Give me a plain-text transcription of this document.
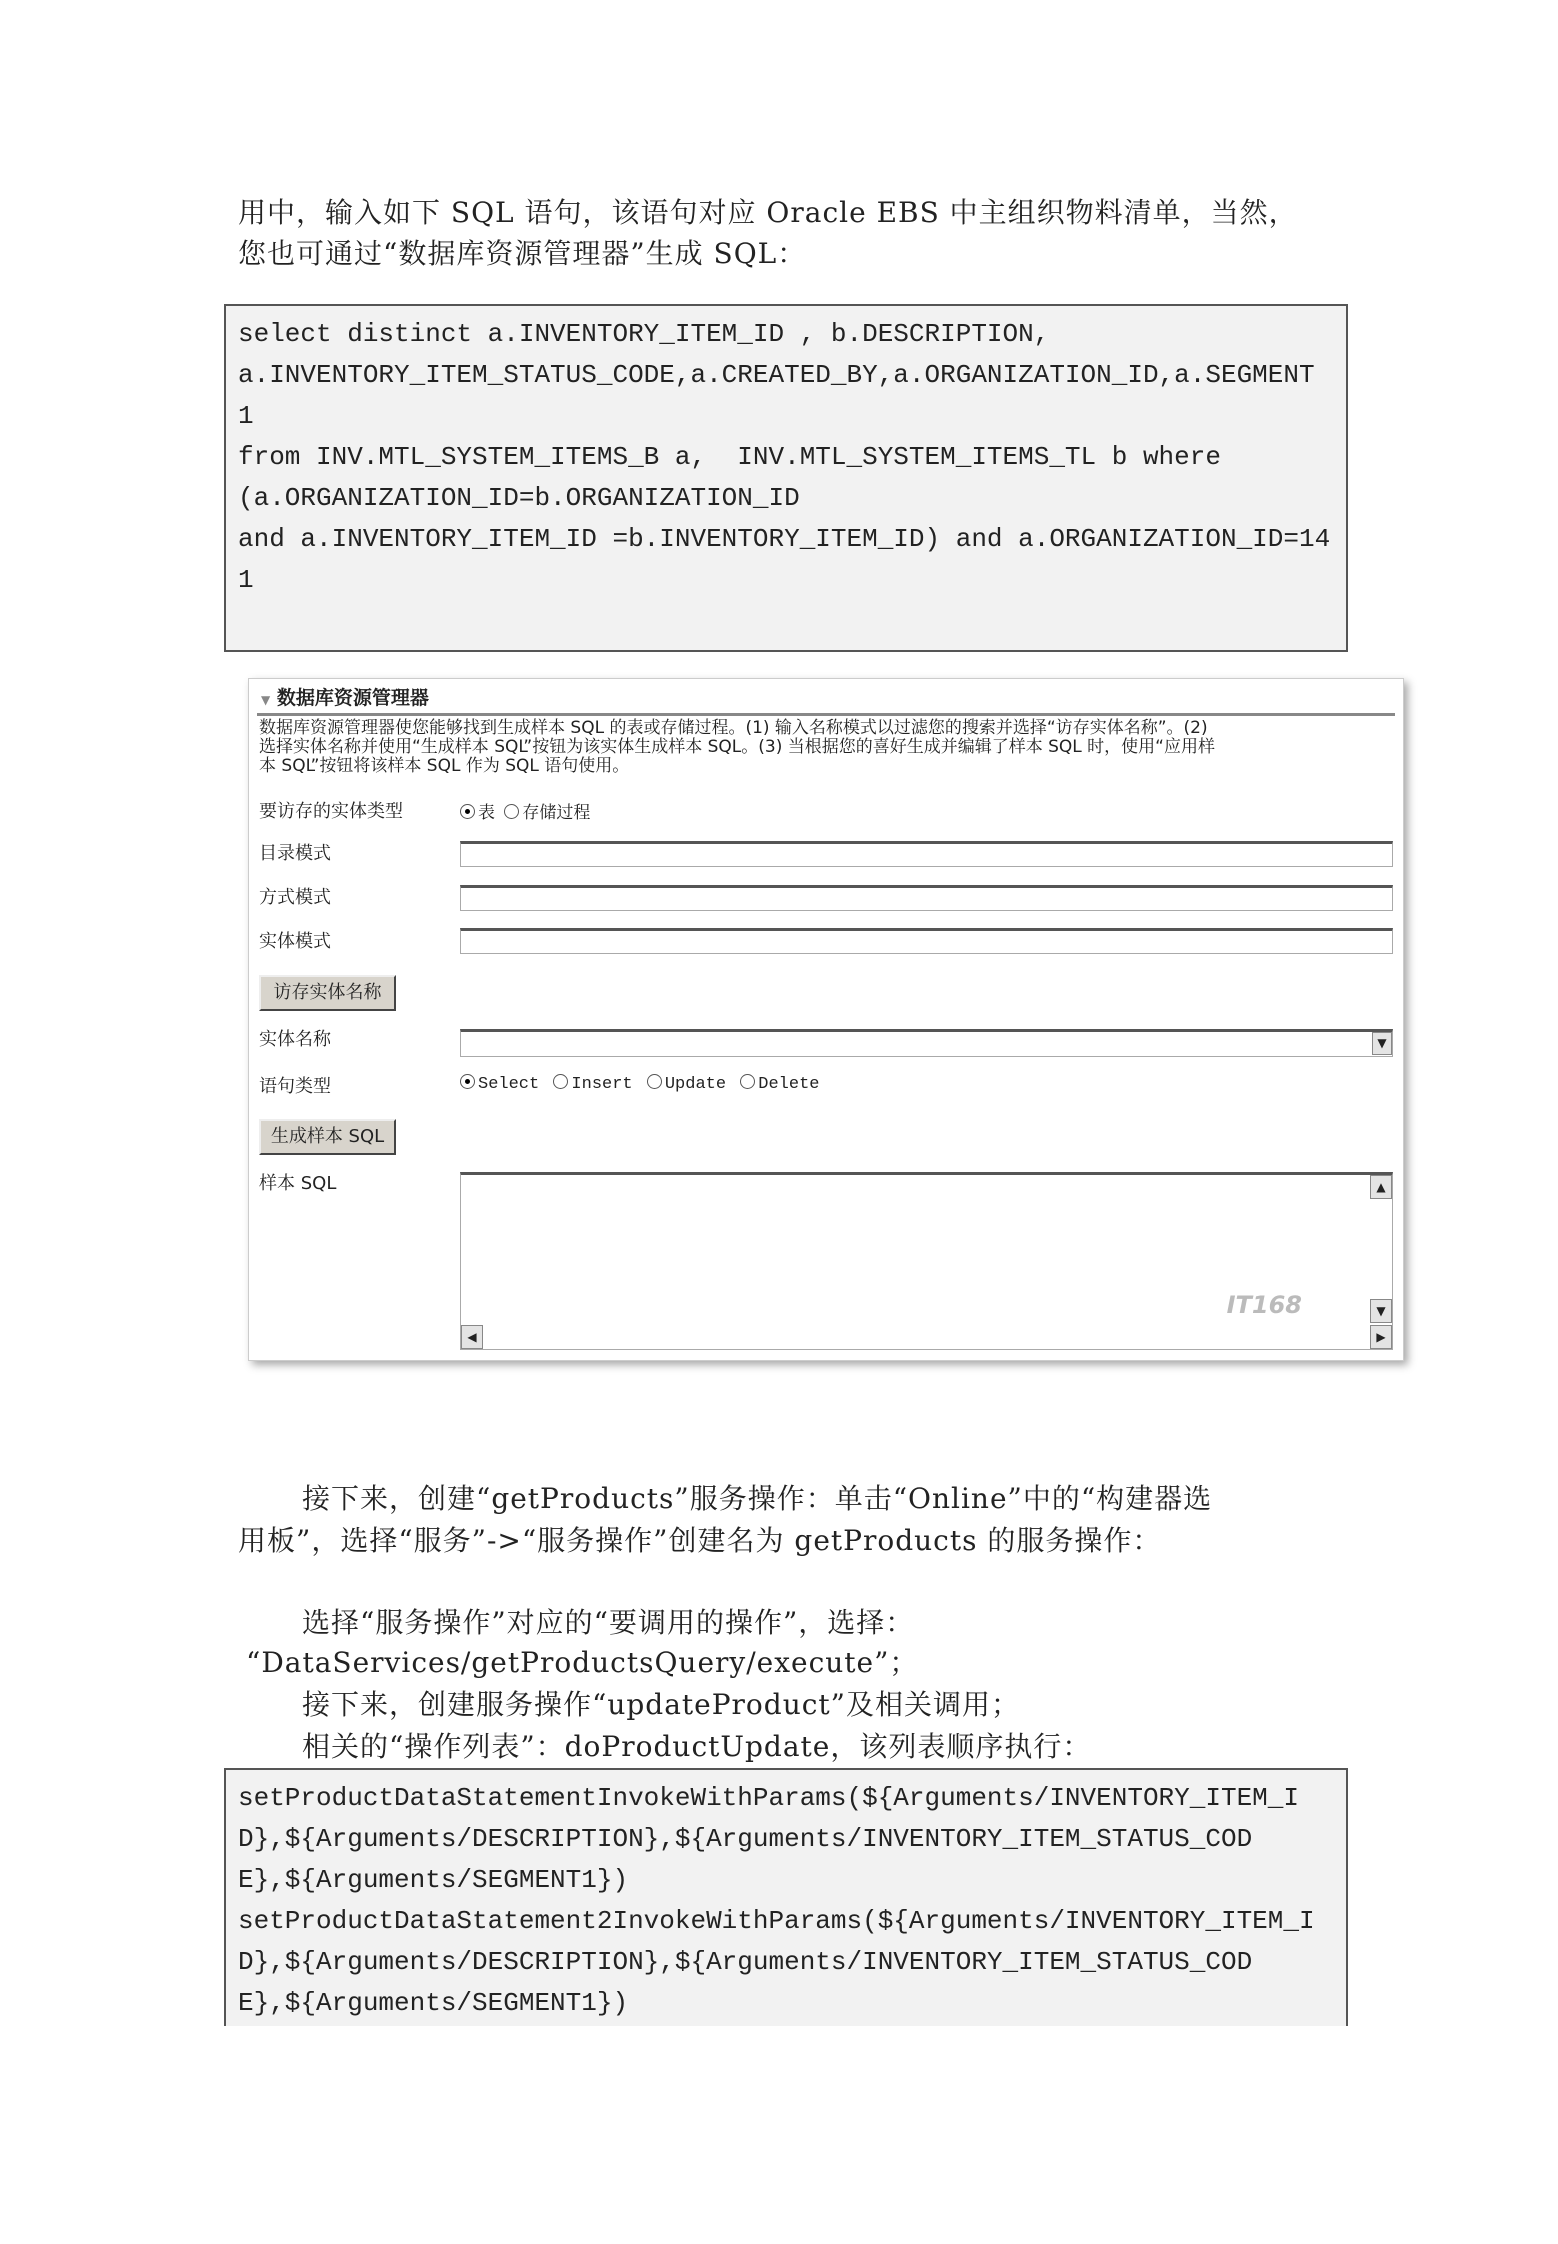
用中，输入如下 SQL 语句，该语句对应 Oracle EBS 中主组织物料清单，当然，
您也可通过“数据库资源管理器”生成 SQL：
select distinct a.INVENTORY_ITEM_ID , b.DESCRIPTION,
a.INVENTORY_ITEM_STATUS_CODE,a.CREATED_BY,a.ORGANIZATION_ID,a.SEGMENT
1
from INV.MTL_SYSTEM_ITEMS_B a,  INV.MTL_SYSTEM_ITEMS_TL b where
(a.ORGANIZATION_ID=b.ORGANIZATION_ID
and a.INVENTORY_ITEM_ID =b.INVENTORY_ITEM_ID) and a.ORGANIZATION_ID=141
▼ 数据库资源管理器
数据库资源管理器使您能够找到生成样本 SQL 的表或存储过程。(1) 输入名称模式以过滤您的搜索并选择“访存实体名称”。(2)
选择实体名称并使用“生成样本 SQL”按钮为该实体生成样本 SQL。(3) 当根据您的喜好生成并编辑了样本 SQL 时，使用“应用样
本 SQL”按钮将该样本 SQL 作为 SQL 语句使用。
要访存的实体类型	表 存储过程
目录模式
方式模式
实体模式
访存实体名称
实体名称	▼
语句类型	Select Insert Update Delete
生成样本 SQL
样本 SQL	▲
▼
◀	▶
IT168
接下来，创建“getProducts”服务操作：单击“Online”中的“构建器选
用板”，选择“服务”->“服务操作”创建名为 getProducts 的服务操作：
选择“服务操作”对应的“要调用的操作”，选择：
“DataServices/getProductsQuery/execute”；
接下来，创建服务操作“updateProduct”及相关调用；
相关的“操作列表”：doProductUpdate，该列表顺序执行：
setProductDataStatementInvokeWithParams(${Arguments/INVENTORY_ITEM_ID},${Arguments/DESCRIPTION},${Arguments/INVENTORY_ITEM_STATUS_CODE},${Arguments/SEGMENT1})
setProductDataStatement2InvokeWithParams(${Arguments/INVENTORY_ITEM_ID},${Arguments/DESCRIPTION},${Arguments/INVENTORY_ITEM_STATUS_CODE},${Arguments/SEGMENT1})
